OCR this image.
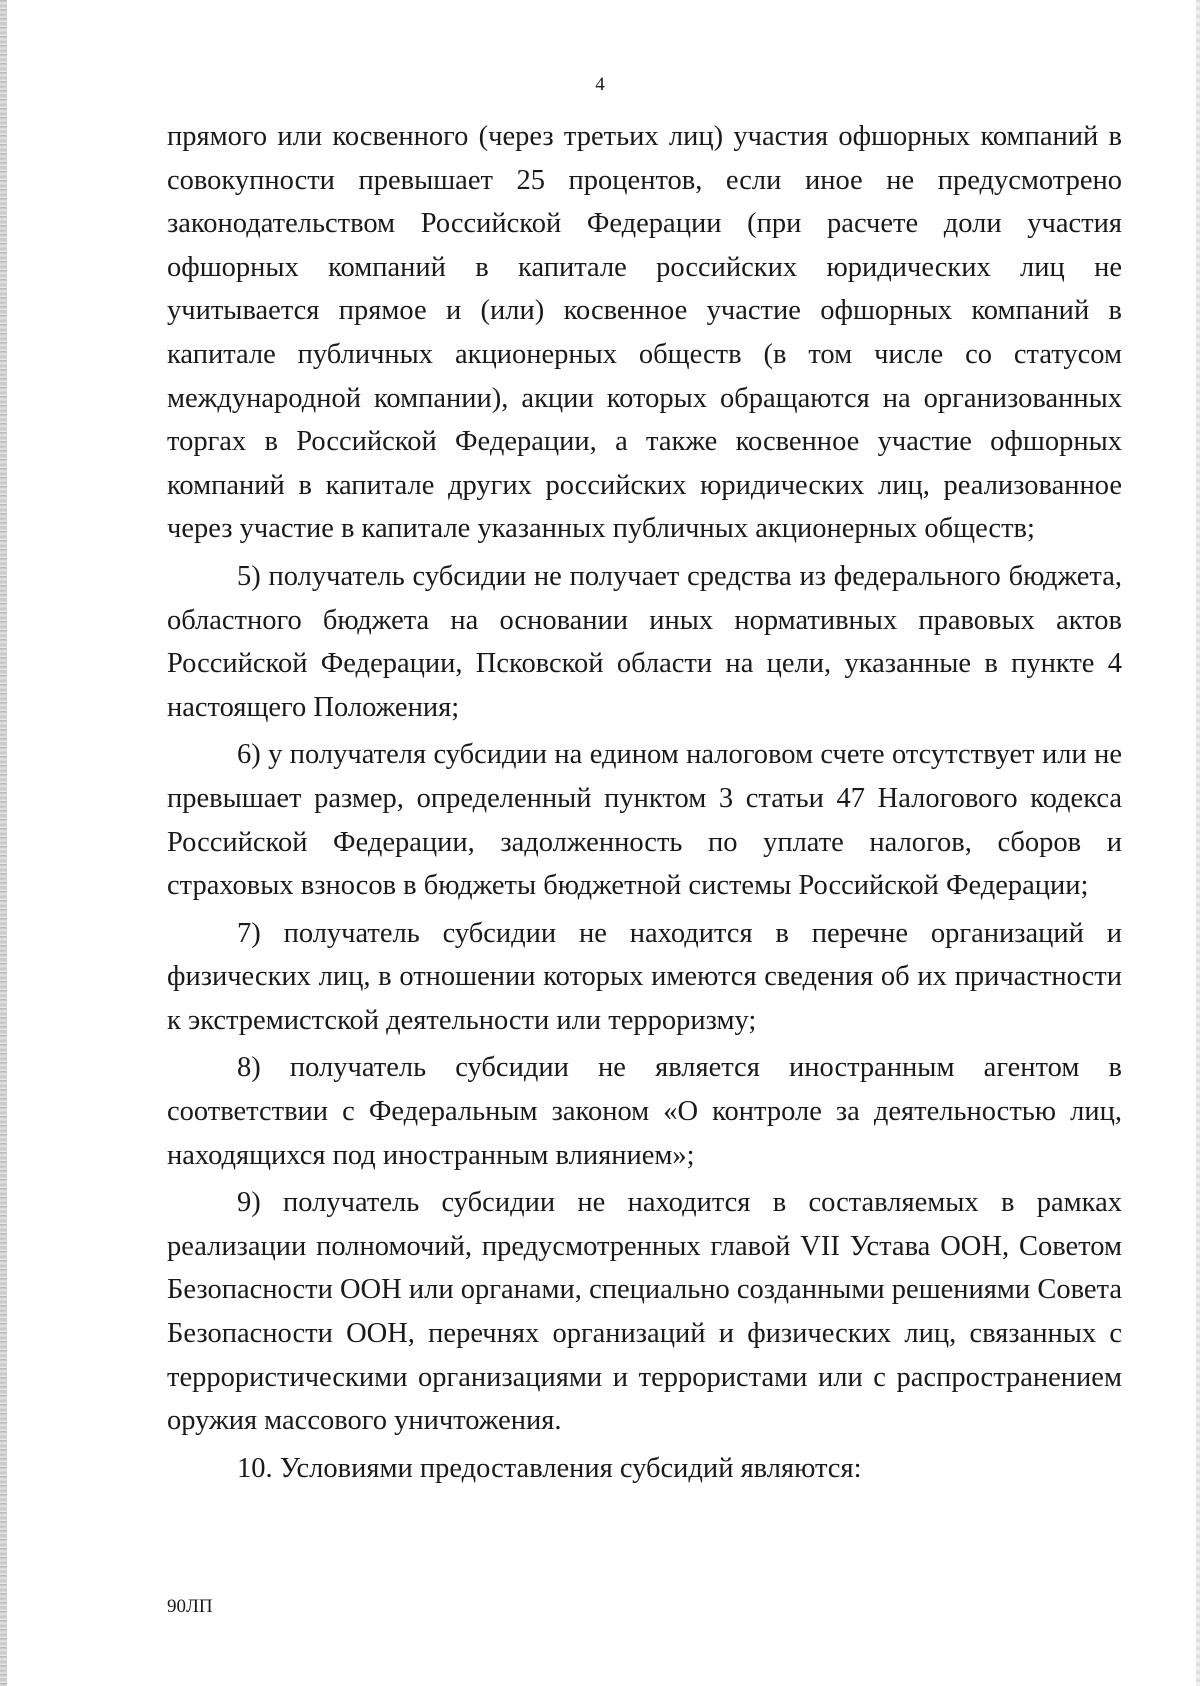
4

прямого или косвенного (через третьих лиц) участия офшорных компаний в совокупности превышает 25 процентов, если иное не предусмотрено законодательством Российской Федерации (при расчете доли участия офшорных компаний в капитале российских юридических лиц не учитывается прямое и (или) косвенное участие офшорных компаний в капитале публичных акционерных обществ (в том числе со статусом международной компании), акции которых обращаются на организованных торгах в Российской Федерации, а также косвенное участие офшорных компаний в капитале других российских юридических лиц, реализованное через участие в капитале указанных публичных акционерных обществ;

5) получатель субсидии не получает средства из федерального бюджета, областного бюджета на основании иных нормативных правовых актов Российской Федерации, Псковской области на цели, указанные в пункте 4 настоящего Положения;

6) у получателя субсидии на едином налоговом счете отсутствует или не превышает размер, определенный пунктом 3 статьи 47 Налогового кодекса Российской Федерации, задолженность по уплате налогов, сборов и страховых взносов в бюджеты бюджетной системы Российской Федерации;

7) получатель субсидии не находится в перечне организаций и физических лиц, в отношении которых имеются сведения об их причастности к экстремистской деятельности или терроризму;

8) получатель субсидии не является иностранным агентом в соответствии с Федеральным законом «О контроле за деятельностью лиц, находящихся под иностранным влиянием»;

9) получатель субсидии не находится в составляемых в рамках реализации полномочий, предусмотренных главой VII Устава ООН, Советом Безопасности ООН или органами, специально созданными решениями Совета Безопасности ООН, перечнях организаций и физических лиц, связанных с террористическими организациями и террористами или с распространением оружия массового уничтожения.

10. Условиями предоставления субсидий являются:

90ЛП
